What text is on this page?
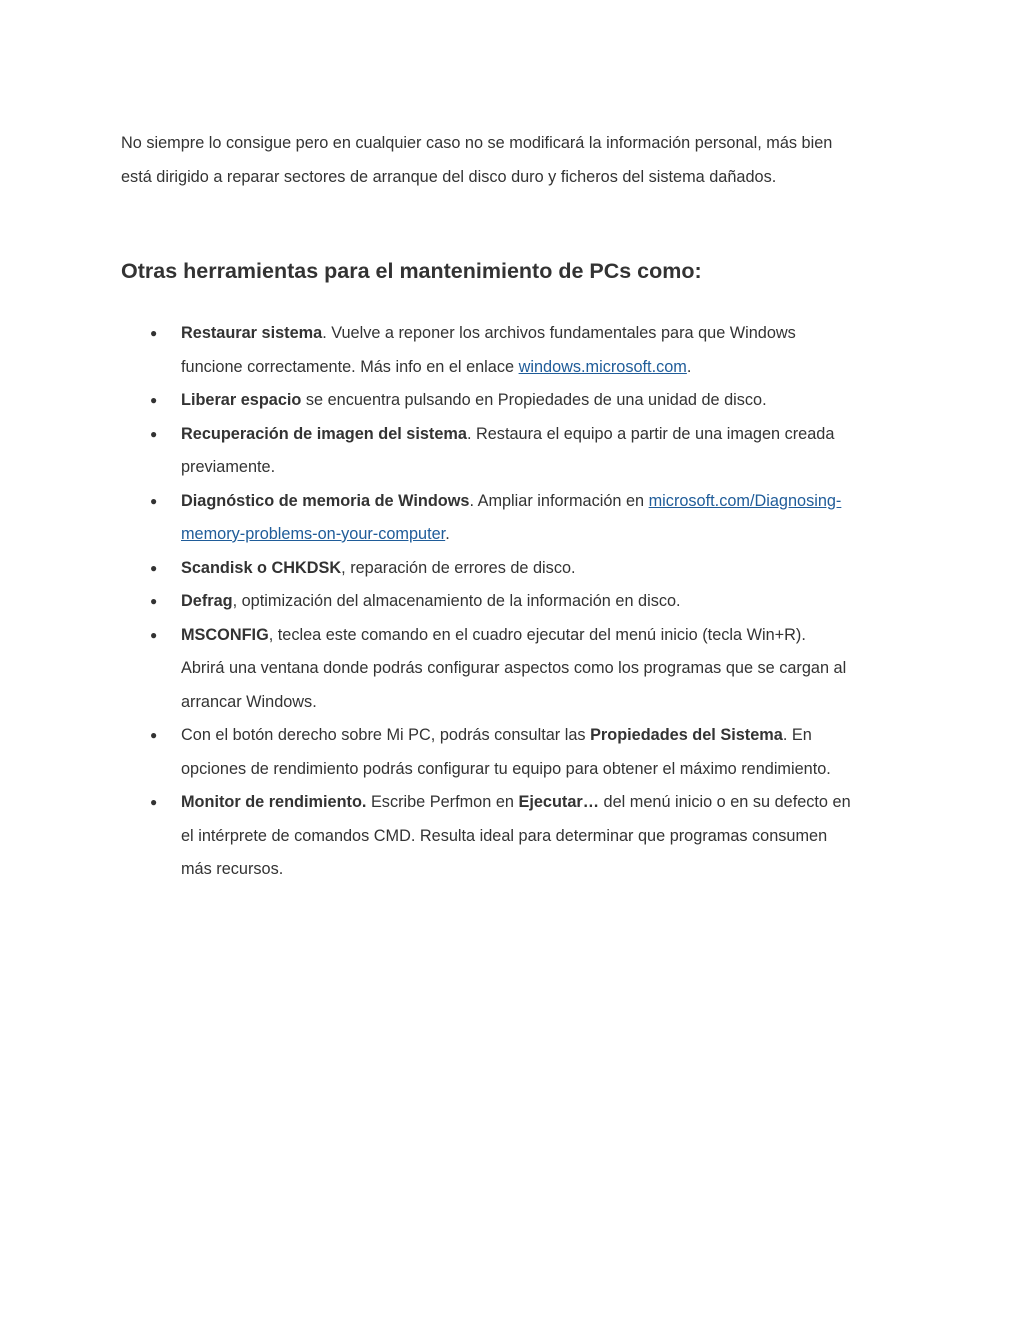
No siempre lo consigue pero en cualquier caso no se modificará la información personal, más bien
está dirigido a reparar sectores de arranque del disco duro y ficheros del sistema dañados.

Otras herramientas para el mantenimiento de PCs como:
●
Restaurar sistema. Vuelve a reponer los archivos fundamentales para que Windows
funcione correctamente. Más info en el enlace windows.microsoft.com.
●
Liberar espacio se encuentra pulsando en Propiedades de una unidad de disco.
●
Recuperación de imagen del sistema. Restaura el equipo a partir de una imagen creada
previamente.
●
Diagnóstico de memoria de Windows. Ampliar información en microsoft.com/Diagnosing-
memory-problems-on-your-computer.
●
Scandisk o CHKDSK, reparación de errores de disco.
●
Defrag, optimización del almacenamiento de la información en disco.
●
MSCONFIG, teclea este comando en el cuadro ejecutar del menú inicio (tecla Win+R).
Abrirá una ventana donde podrás configurar aspectos como los programas que se cargan al
arrancar Windows.
●
Con el botón derecho sobre Mi PC, podrás consultar las Propiedades del Sistema. En
opciones de rendimiento podrás configurar tu equipo para obtener el máximo rendimiento.
●
Monitor de rendimiento. Escribe Perfmon en Ejecutar… del menú inicio o en su defecto en
el intérprete de comandos CMD. Resulta ideal para determinar que programas consumen
más recursos.
